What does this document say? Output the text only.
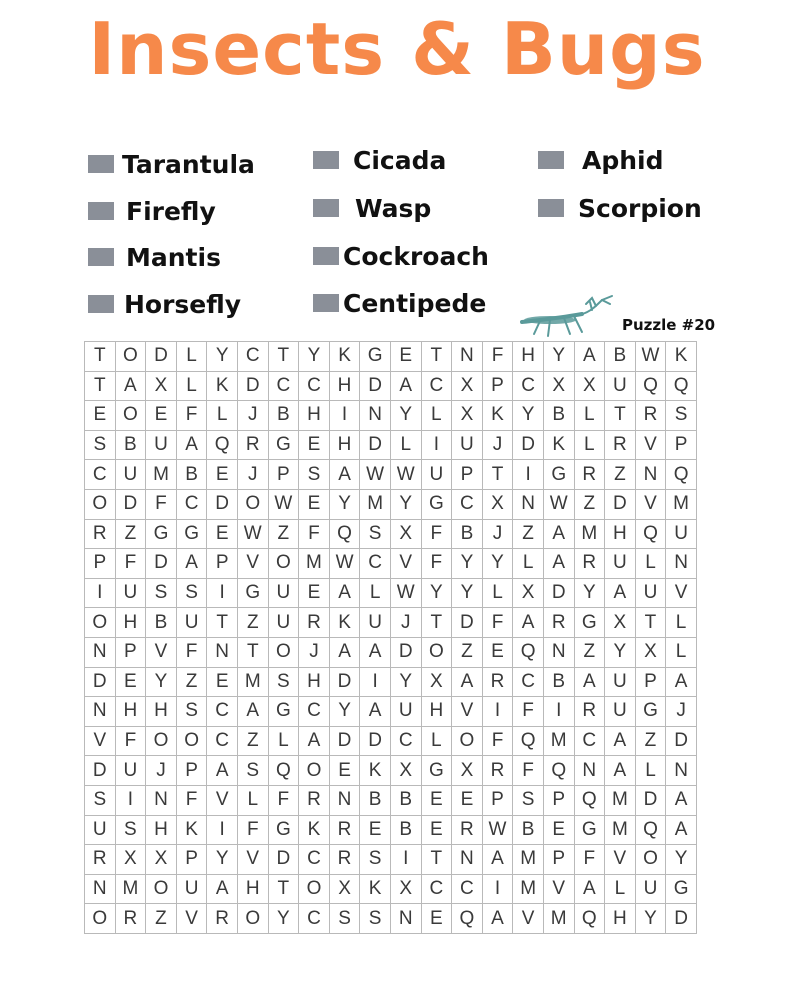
Insects & Bugs
Tarantula
Firefly
Mantis
Horsefly
Cicada
Wasp
Cockroach
Centipede
Aphid
Scorpion
Puzzle #20
T	O	D	L	Y	C	T	Y	K	G	E	T	N	F	H	Y	A	B	W	K
T	A	X	L	K	D	C	C	H	D	A	C	X	P	C	X	X	U	Q	Q
E	O	E	F	L	J	B	H	I	N	Y	L	X	K	Y	B	L	T	R	S
S	B	U	A	Q	R	G	E	H	D	L	I	U	J	D	K	L	R	V	P
C	U	M	B	E	J	P	S	A	W	W	U	P	T	I	G	R	Z	N	Q
O	D	F	C	D	O	W	E	Y	M	Y	G	C	X	N	W	Z	D	V	M
R	Z	G	G	E	W	Z	F	Q	S	X	F	B	J	Z	A	M	H	Q	U
P	F	D	A	P	V	O	M	W	C	V	F	Y	Y	L	A	R	U	L	N
I	U	S	S	I	G	U	E	A	L	W	Y	Y	L	X	D	Y	A	U	V
O	H	B	U	T	Z	U	R	K	U	J	T	D	F	A	R	G	X	T	L
N	P	V	F	N	T	O	J	A	A	D	O	Z	E	Q	N	Z	Y	X	L
D	E	Y	Z	E	M	S	H	D	I	Y	X	A	R	C	B	A	U	P	A
N	H	H	S	C	A	G	C	Y	A	U	H	V	I	F	I	R	U	G	J
V	F	O	O	C	Z	L	A	D	D	C	L	O	F	Q	M	C	A	Z	D
D	U	J	P	A	S	Q	O	E	K	X	G	X	R	F	Q	N	A	L	N
S	I	N	F	V	L	F	R	N	B	B	E	E	P	S	P	Q	M	D	A
U	S	H	K	I	F	G	K	R	E	B	E	R	W	B	E	G	M	Q	A
R	X	X	P	Y	V	D	C	R	S	I	T	N	A	M	P	F	V	O	Y
N	M	O	U	A	H	T	O	X	K	X	C	C	I	M	V	A	L	U	G
O	R	Z	V	R	O	Y	C	S	S	N	E	Q	A	V	M	Q	H	Y	D
